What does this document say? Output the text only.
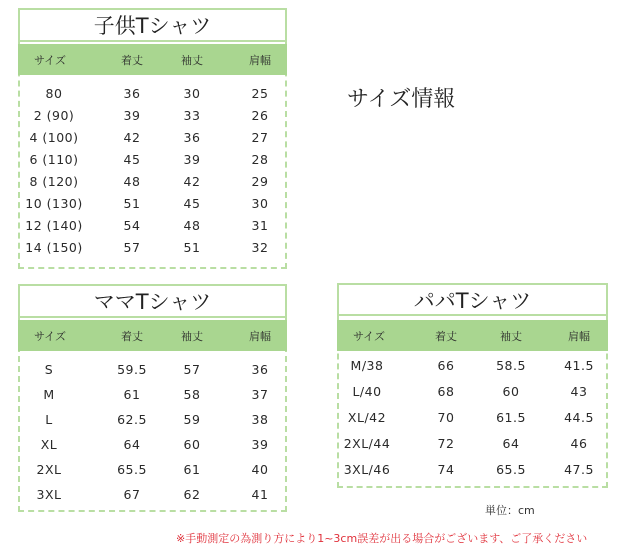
子供Tシャツ
サイズ	着丈	袖丈	肩幅
80	36	30	25
2 (90)	39	33	26
4 (100)	42	36	27
6 (110)	45	39	28
8 (120)	48	42	29
10 (130)	51	45	30
12 (140)	54	48	31
14 (150)	57	51	32
サイズ情報
ママTシャツ
サイズ	着丈	袖丈	肩幅
S	59.5	57	36
M	61	58	37
L	62.5	59	38
XL	64	60	39
2XL	65.5	61	40
3XL	67	62	41
パパTシャツ
サイズ	着丈	袖丈	肩幅
M/38	66	58.5	41.5
L/40	68	60	43
XL/42	70	61.5	44.5
2XL/44	72	64	46
3XL/46	74	65.5	47.5
単位：cm
※手動測定の為測り方により1~3cm誤差が出る場合がございます、ご了承ください
